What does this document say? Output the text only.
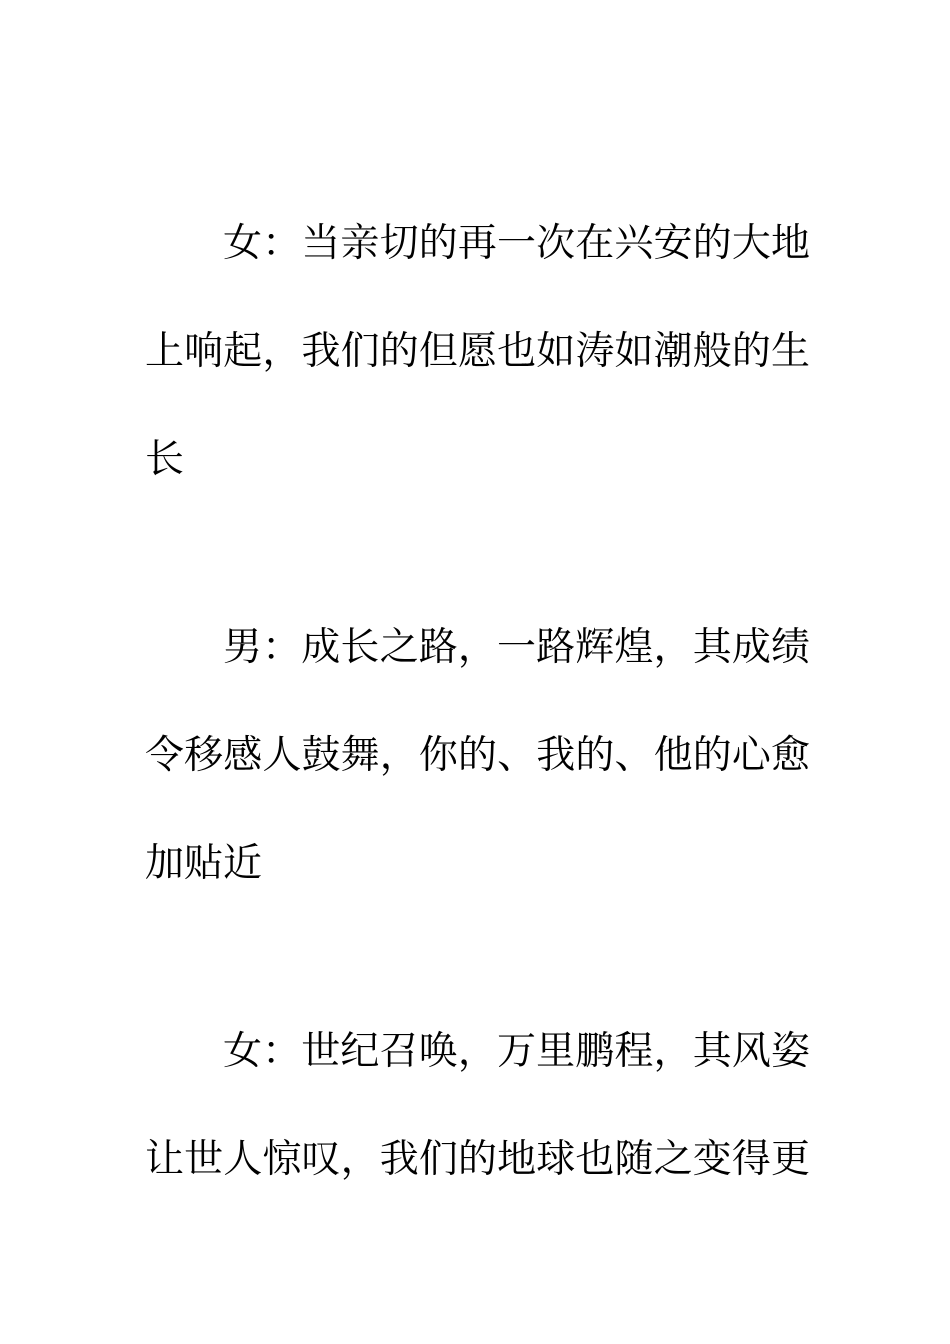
女：当亲切的再一次在兴安的大地
上响起，我们的但愿也如涛如潮般的生
长
男：成长之路，一路辉煌，其成绩
令移感人鼓舞，你的、我的、他的心愈
加贴近
女：世纪召唤，万里鹏程，其风姿
让世人惊叹，我们的地球也随之变得更
